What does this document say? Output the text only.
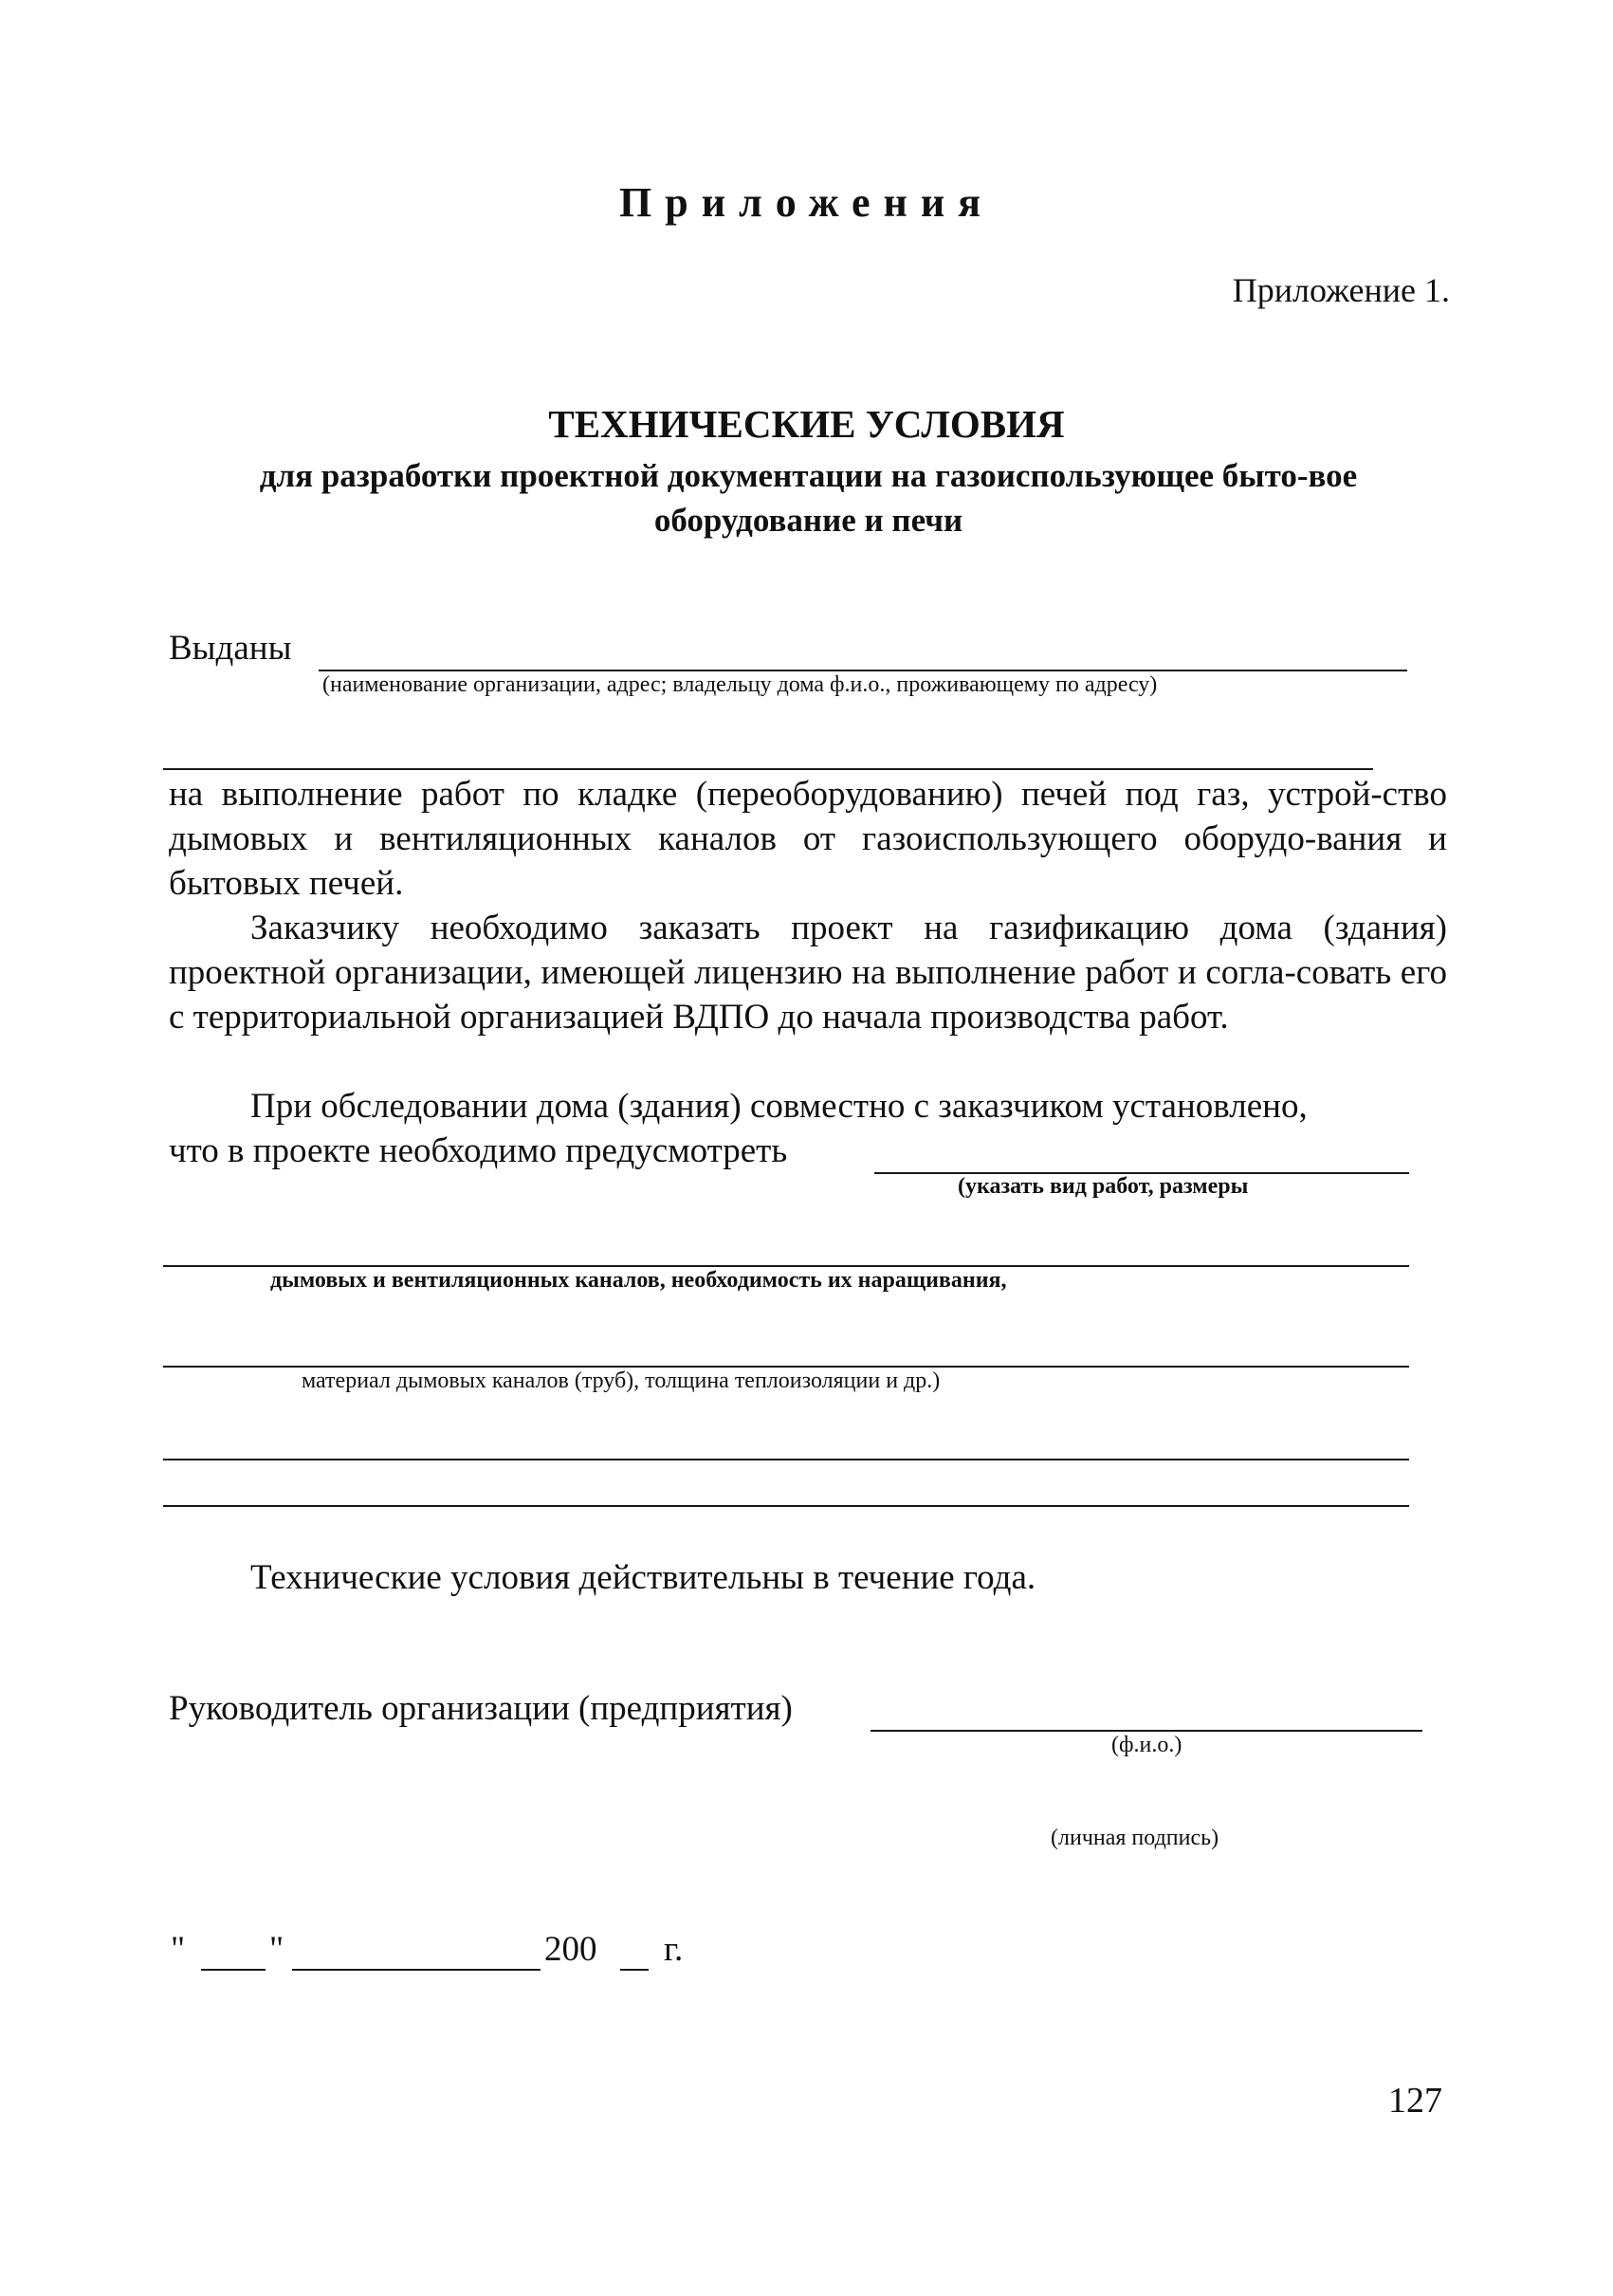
Приложения
Приложение 1.
ТЕХНИЧЕСКИЕ УСЛОВИЯ
для разработки проектной документации на газоиспользующее быто-вое оборудование и печи
Выданы
(наименование организации, адрес; владельцу дома ф.и.о., проживающему по адресу)
на выполнение работ по кладке (переоборудованию) печей под газ, устрой-ство дымовых и вентиляционных каналов от газоиспользующего оборудо-вания и бытовых печей.
Заказчику необходимо заказать проект на газификацию дома (здания) проектной организации, имеющей лицензию на выполнение работ и согла-совать его с территориальной организацией ВДПО до начала производства работ.
При обследовании дома (здания) совместно с заказчиком установлено,
что в проекте необходимо предусмотреть
(указать вид работ, размеры
дымовых и вентиляционных каналов, необходимость их наращивания,
материал дымовых каналов (труб), толщина теплоизоляции и др.)
Технические условия действительны в течение года.
Руководитель организации (предприятия)
(ф.и.о.)
(личная подпись)
" "	200 г.
127
